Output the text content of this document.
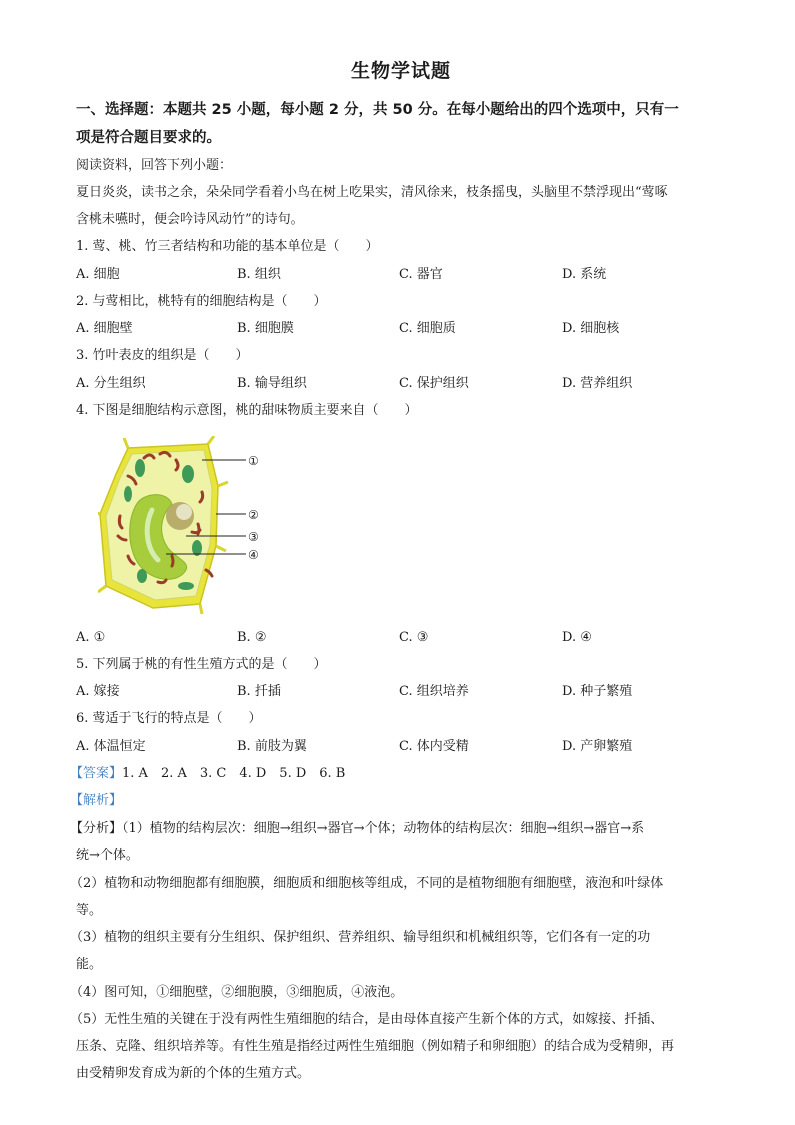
生物学试题
一、选择题：本题共 25 小题，每小题 2 分，共 50 分。在每小题给出的四个选项中，只有一
项是符合题目要求的。
阅读资料，回答下列小题：
夏日炎炎，读书之余，朵朵同学看着小鸟在树上吃果实，清风徐来，枝条摇曳，头脑里不禁浮现出“莺啄
含桃未嚥时，便会吟诗风动竹”的诗句。
1. 莺、桃、竹三者结构和功能的基本单位是（　　）
A. 细胞	B. 组织	C. 器官	D. 系统
2. 与莺相比，桃特有的细胞结构是（　　）
A. 细胞壁	B. 细胞膜	C. 细胞质	D. 细胞核
3. 竹叶表皮的组织是（　　）
A. 分生组织	B. 输导组织	C. 保护组织	D. 营养组织
4. 下图是细胞结构示意图，桃的甜味物质主要来自（　　）
①
②
③
④
A. ①	B. ②	C. ③	D. ④
5. 下列属于桃的有性生殖方式的是（　　）
A. 嫁接	B. 扦插	C. 组织培养	D. 种子繁殖
6. 莺适于飞行的特点是（　　）
A. 体温恒定	B. 前肢为翼	C. 体内受精	D. 产卵繁殖
【答案】1. A　2. A　3. C　4. D　5. D　6. B
【解析】
【分析】（1）植物的结构层次：细胞→组织→器官→个体；动物体的结构层次：细胞→组织→器官→系
统→个体。
（2）植物和动物细胞都有细胞膜，细胞质和细胞核等组成，不同的是植物细胞有细胞壁，液泡和叶绿体
等。
（3）植物的组织主要有分生组织、保护组织、营养组织、输导组织和机械组织等，它们各有一定的功
能。
（4）图可知，①细胞壁，②细胞膜，③细胞质，④液泡。
（5）无性生殖的关键在于没有两性生殖细胞的结合，是由母体直接产生新个体的方式，如嫁接、扦插、
压条、克隆、组织培养等。有性生殖是指经过两性生殖细胞（例如精子和卵细胞）的结合成为受精卵，再
由受精卵发育成为新的个体的生殖方式。
